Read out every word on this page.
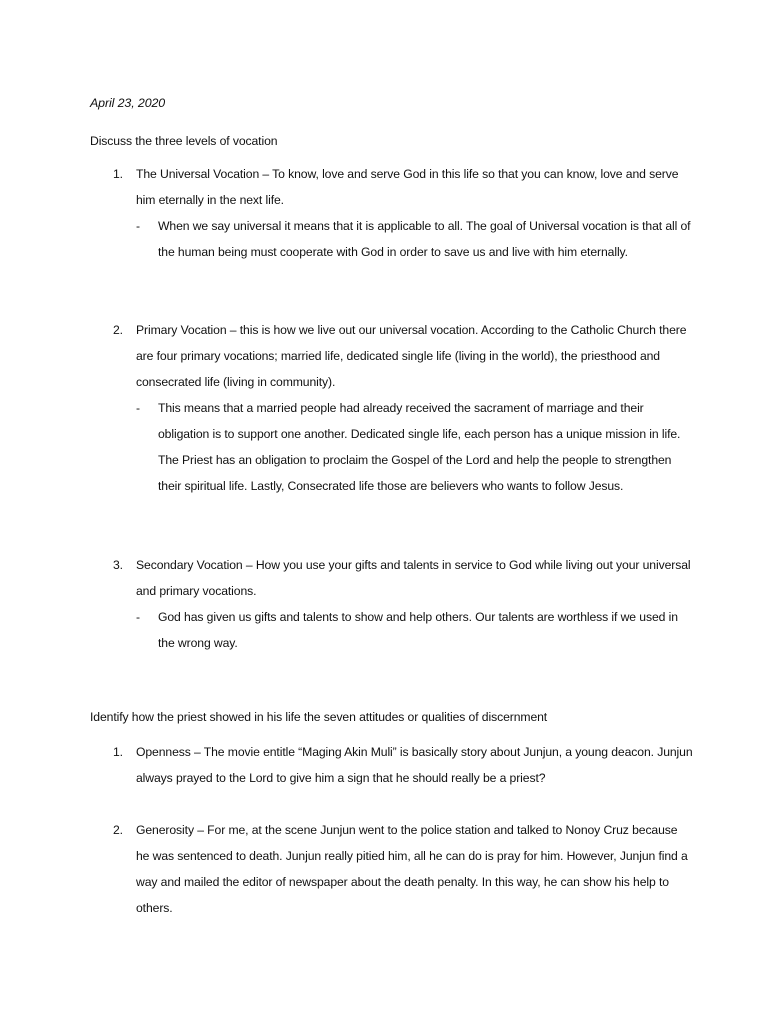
April 23, 2020
Discuss the three levels of vocation
1.	The Universal Vocation – To know, love and serve God in this life so that you can know, love and serve him eternally in the next life.
- When we say universal it means that it is applicable to all. The goal of Universal vocation is that all of the human being must cooperate with God in order to save us and live with him eternally.
2.	Primary Vocation – this is how we live out our universal vocation. According to the Catholic Church there are four primary vocations; married life, dedicated single life (living in the world), the priesthood and consecrated life (living in community).
- This means that a married people had already received the sacrament of marriage and their obligation is to support one another. Dedicated single life, each person has a unique mission in life. The Priest has an obligation to proclaim the Gospel of the Lord and help the people to strengthen their spiritual life. Lastly, Consecrated life those are believers who wants to follow Jesus.
3.	Secondary Vocation – How you use your gifts and talents in service to God while living out your universal and primary vocations.
- God has given us gifts and talents to show and help others. Our talents are worthless if we used in the wrong way.
Identify how the priest showed in his life the seven attitudes or qualities of discernment
1.	Openness – The movie entitle “Maging Akin Muli” is basically story about Junjun, a young deacon. Junjun always prayed to the Lord to give him a sign that he should really be a priest?
2.	Generosity – For me, at the scene Junjun went to the police station and talked to Nonoy Cruz because he was sentenced to death. Junjun really pitied him, all he can do is pray for him. However, Junjun find a way and mailed the editor of newspaper about the death penalty. In this way, he can show his help to others.
